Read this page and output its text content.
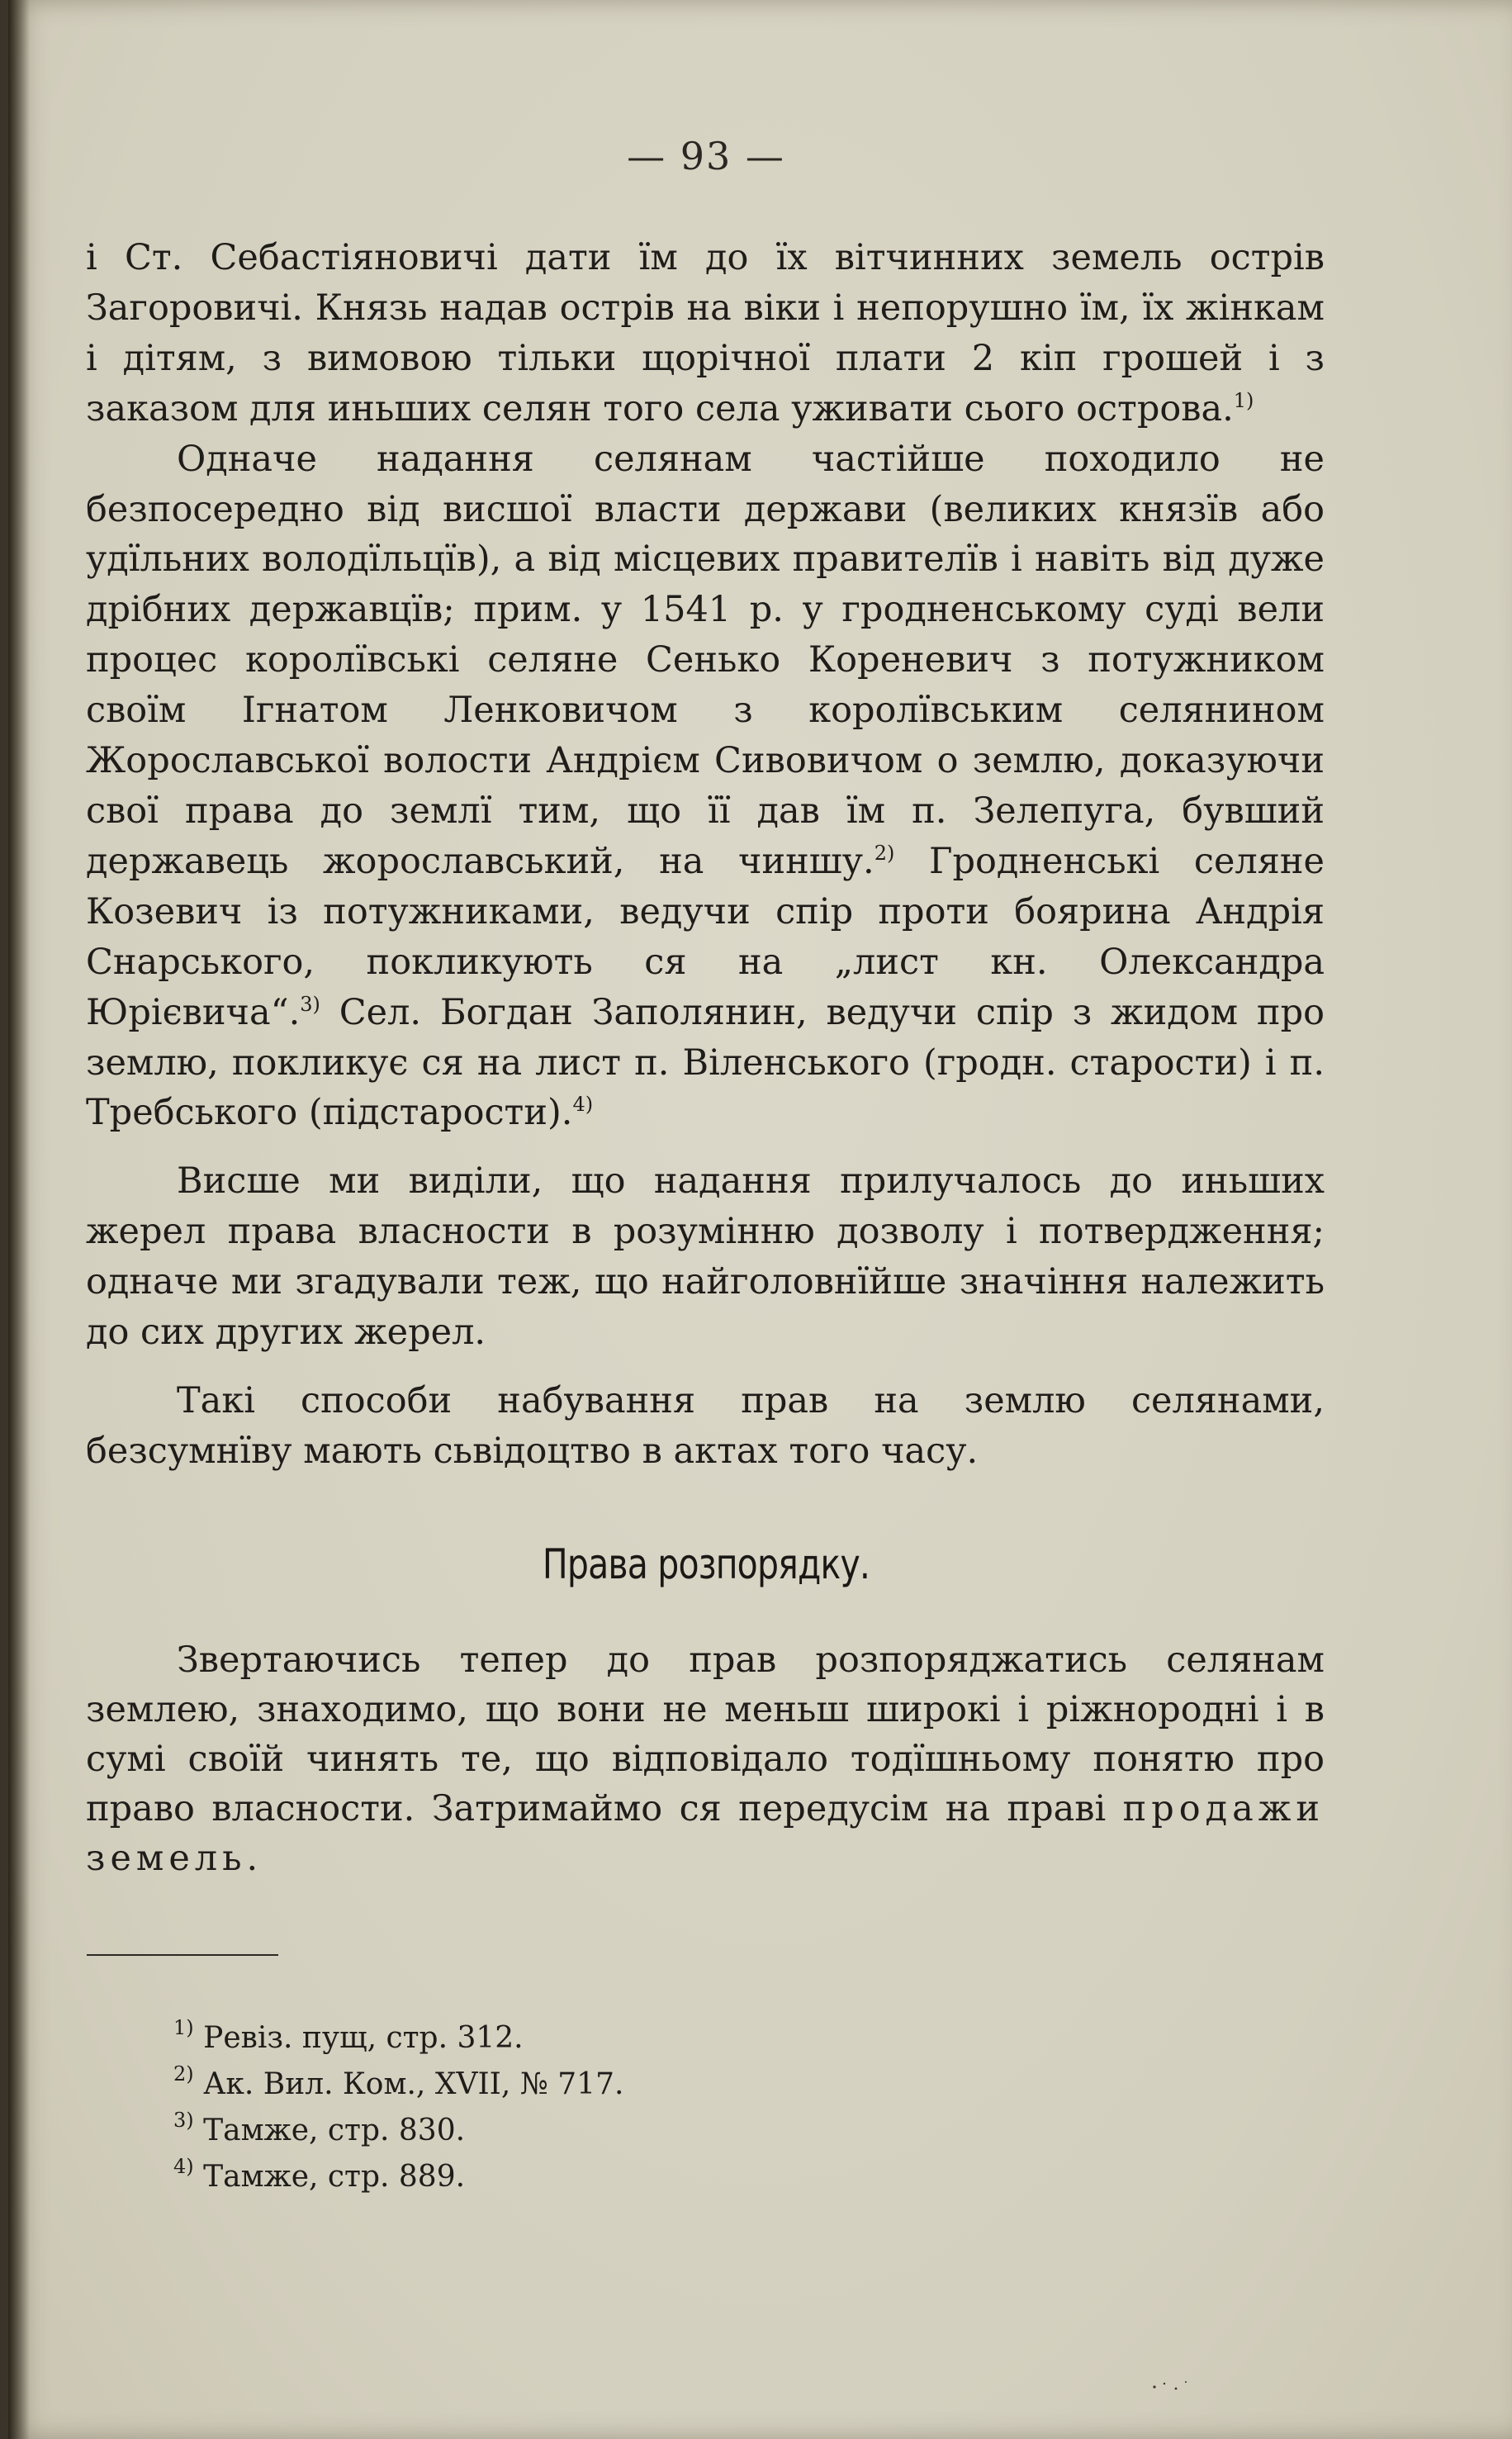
— 93 —

і Ст. Себастіяновичі дати їм до їх вітчинних земель острів Загоровичі. Князь надав острів на віки і непорушно їм, їх жінкам і дітям, з вимовою тільки щорічної плати 2 кіп грошей і з заказом для иньших селян того села уживати сього острова.$^{1)}$

Одначе надання селянам частійше походило не безпосередно від висшої власти держави (великих князїв або удїльних володїльцїв), а від місцевих правителїв і навіть від дуже дрібних державцїв; прим. у 1541 р. у гродненському суді вели процес королївські селяне Сенько Кореневич з потужником своїм Ігнатом Ленковичом з королївським селянином Жорославської волости Андрієм Сивовичом о землю, доказуючи свої права до землї тим, що її дав їм п. Зелепуга, бувший державець жорославський, на чиншу.$^{2)}$ Гродненські селяне Козевич із потужниками, ведучи спір проти боярина Андрія Снарського, покликують ся на „лист кн. Олександра Юрієвича“.$^{3)}$ Сел. Богдан Заполянин, ведучи спір з жидом про землю, покликує ся на лист п. Віленського (гродн. старости) і п. Требського (підстарости).$^{4)}$

Висше ми виділи, що надання прилучалось до иньших жерел права власности в розумінню дозволу і потвердження; одначе ми згадували теж, що найголовнїйше значіння належить до сих других жерел.

Такі способи набування прав на землю селянами, безсумнїву мають сьвідоцтво в актах того часу.

Права розпорядку.

Звертаючись тепер до прав розпоряджатись селянам землею, знаходимо, що вони не меньш широкі і ріжнородні і в сумі своїй чинять те, що відповідало тодїшньому понятю про право власности. Затримаймо ся передусім на праві продажи земель.

$^{1)}$ Ревіз. пущ, стр. 312.
$^{2)}$ Ак. Вил. Ком., XVII, № 717.
$^{3)}$ Тамже, стр. 830.
$^{4)}$ Тамже, стр. 889.
